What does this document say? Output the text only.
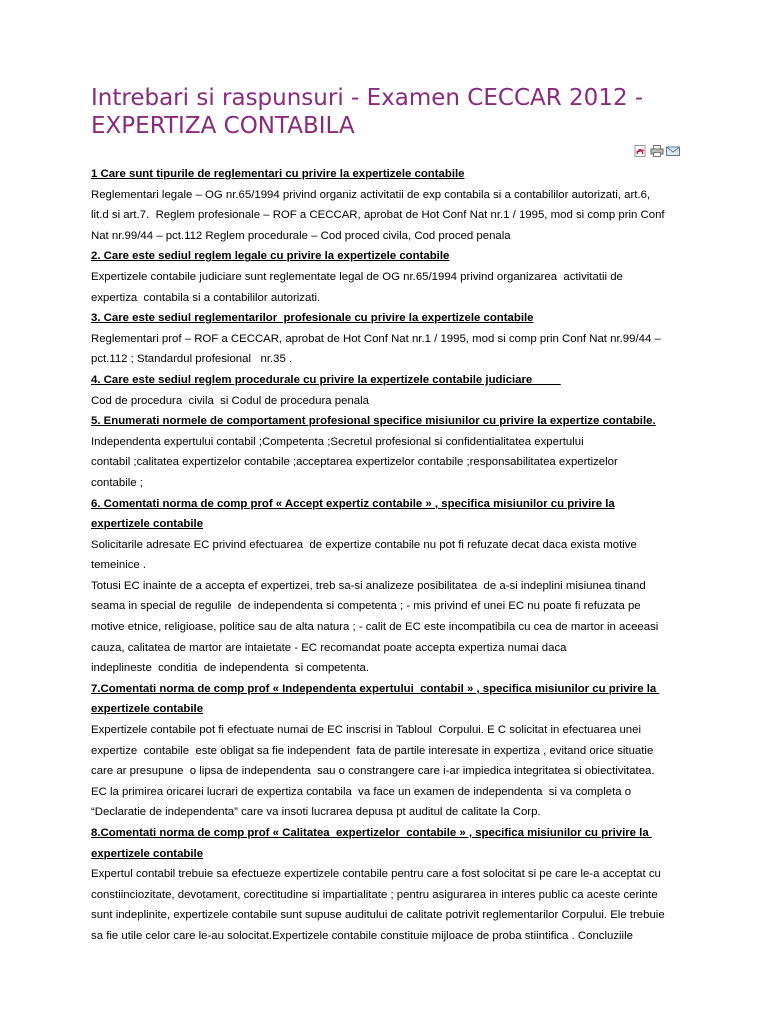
Intrebari si raspunsuri - Examen CECCAR 2012 -
EXPERTIZA CONTABILA
1 Care sunt tipurile de reglementari cu privire la expertizele contabile
Reglementari legale – OG nr.65/1994 privind organiz activitatii de exp contabila si a contabililor autorizati, art.6,
lit.d si art.7.  Reglem profesionale – ROF a CECCAR, aprobat de Hot Conf Nat nr.1 / 1995, mod si comp prin Conf
Nat nr.99/44 – pct.112 Reglem procedurale – Cod proced civila, Cod proced penala
2. Care este sediul reglem legale cu privire la expertizele contabile
Expertizele contabile judiciare sunt reglementate legal de OG nr.65/1994 privind organizarea  activitatii de
expertiza  contabila si a contabililor autorizati.
3. Care este sediul reglementarilor  profesionale cu privire la expertizele contabile
Reglementari prof – ROF a CECCAR, aprobat de Hot Conf Nat nr.1 / 1995, mod si comp prin Conf Nat nr.99/44 –
pct.112 ; Standardul profesional   nr.35 .
4. Care este sediul reglem procedurale cu privire la expertizele contabile judiciare
Cod de procedura  civila  si Codul de procedura penala
5. Enumerati normele de comportament profesional specifice misiunilor cu privire la expertize contabile.
Independenta expertului contabil ;Competenta ;Secretul profesional si confidentialitatea expertului
contabil ;calitatea expertizelor contabile ;acceptarea expertizelor contabile ;responsabilitatea expertizelor
contabile ;
6. Comentati norma de comp prof « Accept expertiz contabile » , specifica misiunilor cu privire la
expertizele contabile
Solicitarile adresate EC privind efectuarea  de expertize contabile nu pot fi refuzate decat daca exista motive
temeinice .
Totusi EC inainte de a accepta ef expertizei, treb sa-si analizeze posibilitatea  de a-si indeplini misiunea tinand
seama in special de regulile  de independenta si competenta ; - mis privind ef unei EC nu poate fi refuzata pe
motive etnice, religioase, politice sau de alta natura ; - calit de EC este incompatibila cu cea de martor in aceeasi
cauza, calitatea de martor are intaietate - EC recomandat poate accepta expertiza numai daca
indeplineste  conditia  de independenta  si competenta.
7.Comentati norma de comp prof « Independenta expertului  contabil » , specifica misiunilor cu privire la
expertizele contabile
Expertizele contabile pot fi efectuate numai de EC inscrisi in Tabloul  Corpului. E C solicitat in efectuarea unei
expertize  contabile  este obligat sa fie independent  fata de partile interesate in expertiza , evitand orice situatie
care ar presupune  o lipsa de independenta  sau o constrangere care i-ar impiedica integritatea si obiectivitatea.
EC la primirea oricarei lucrari de expertiza contabila  va face un examen de independenta  si va completa o
“Declaratie de independenta” care va insoti lucrarea depusa pt auditul de calitate la Corp.
8.Comentati norma de comp prof « Calitatea  expertizelor  contabile » , specifica misiunilor cu privire la
expertizele contabile
Expertul contabil trebuie sa efectueze expertizele contabile pentru care a fost solocitat si pe care le-a acceptat cu
constiinciozitate, devotament, corectitudine si impartialitate ; pentru asigurarea in interes public ca aceste cerinte
sunt indeplinite, expertizele contabile sunt supuse auditului de calitate potrivit reglementarilor Corpului. Ele trebuie
sa fie utile celor care le-au solocitat.Expertizele contabile constituie mijloace de proba stiintifica . Concluziile
